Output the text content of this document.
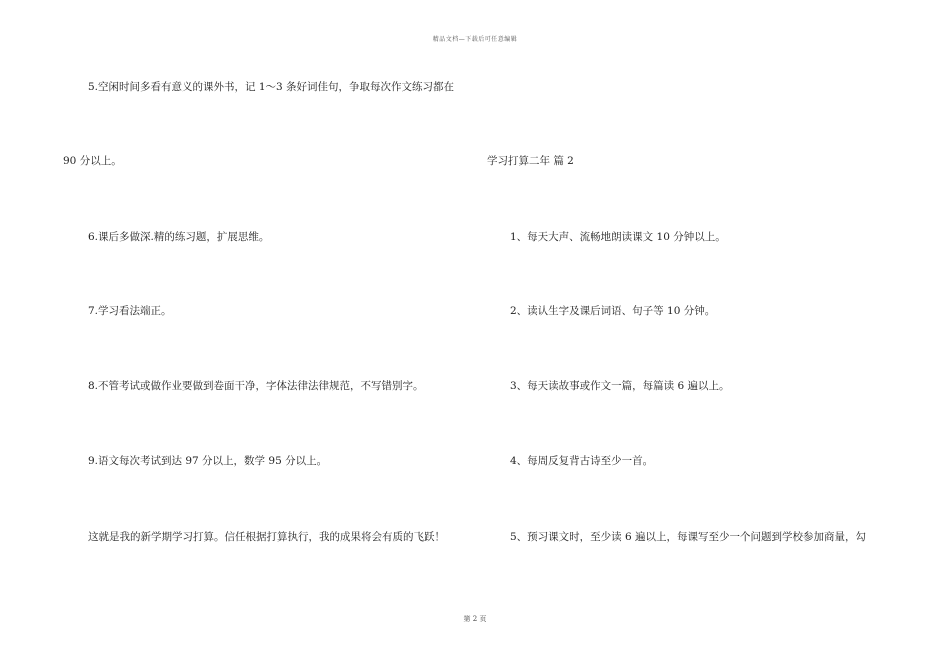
精品文档—下载后可任意编辑
5.空闲时间多看有意义的课外书，记 1～3 条好词佳句，争取每次作文练习都在
90 分以上。
6.课后多做深.精的练习题，扩展思维。
7.学习看法端正。
8.不管考试或做作业要做到卷面干净，字体法律法律规范，不写错别字。
9.语文每次考试到达 97 分以上，数学 95 分以上。
这就是我的新学期学习打算。信任根据打算执行，我的成果将会有质的飞跃！
学习打算二年 篇 2
1、每天大声、流畅地朗读课文 10 分钟以上。
2、读认生字及课后词语、句子等 10 分钟。
3、每天读故事或作文一篇，每篇读 6 遍以上。
4、每周反复背古诗至少一首。
5、预习课文时，至少读 6 遍以上，每课写至少一个问题到学校参加商量，勾
第 2 页
